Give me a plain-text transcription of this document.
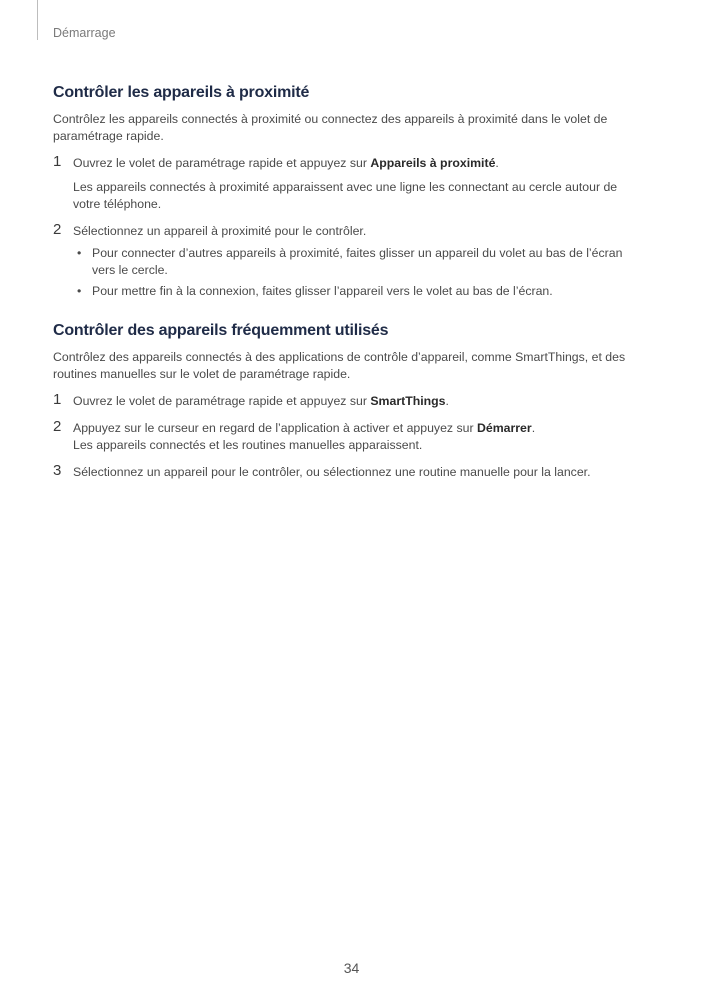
Démarrage
Contrôler les appareils à proximité

Contrôlez les appareils connectés à proximité ou connectez des appareils à proximité dans le volet de paramétrage rapide.

1 Ouvrez le volet de paramétrage rapide et appuyez sur Appareils à proximité.

Les appareils connectés à proximité apparaissent avec une ligne les connectant au cercle autour de votre téléphone.

2 Sélectionnez un appareil à proximité pour le contrôler.

• Pour connecter d’autres appareils à proximité, faites glisser un appareil du volet au bas de l’écran vers le cercle.
• Pour mettre fin à la connexion, faites glisser l’appareil vers le volet au bas de l’écran.
Contrôler des appareils fréquemment utilisés

Contrôlez des appareils connectés à des applications de contrôle d’appareil, comme SmartThings, et des routines manuelles sur le volet de paramétrage rapide.

1 Ouvrez le volet de paramétrage rapide et appuyez sur SmartThings.

2 Appuyez sur le curseur en regard de l’application à activer et appuyez sur Démarrer.

Les appareils connectés et les routines manuelles apparaissent.

3 Sélectionnez un appareil pour le contrôler, ou sélectionnez une routine manuelle pour la lancer.

34
